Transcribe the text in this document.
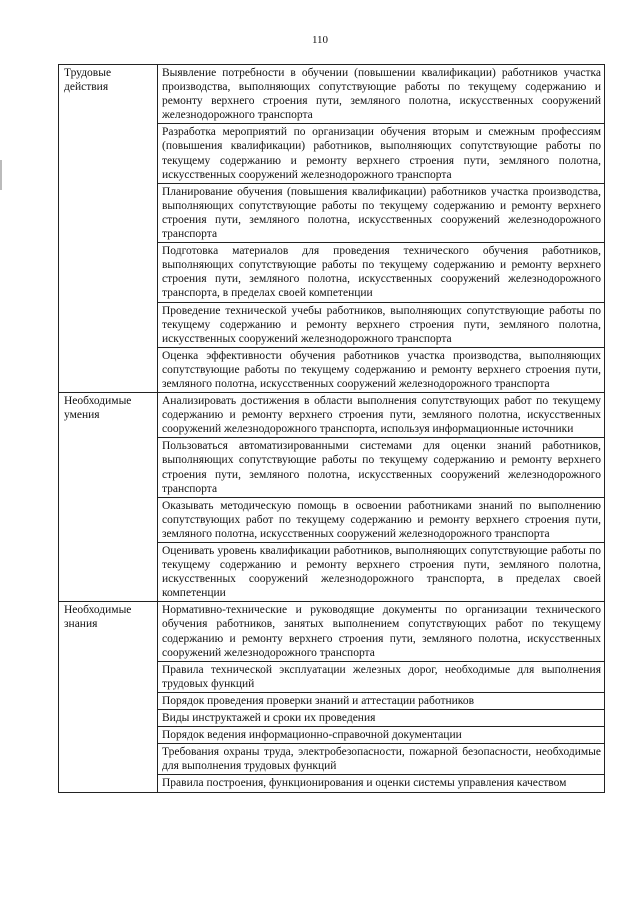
110
Трудовые действия	Выявление потребности в обучении (повышении квалификации) работников участка производства, выполняющих сопутствующие работы по текущему содержанию и ремонту верхнего строения пути, земляного полотна, искусственных сооружений железнодорожного транспорта
	Разработка мероприятий по организации обучения вторым и смежным профессиям (повышения квалификации) работников, выполняющих сопутствующие работы по текущему содержанию и ремонту верхнего строения пути, земляного полотна, искусственных сооружений железнодорожного транспорта
	Планирование обучения (повышения квалификации) работников участка производства, выполняющих сопутствующие работы по текущему содержанию и ремонту верхнего строения пути, земляного полотна, искусственных сооружений железнодорожного транспорта
	Подготовка материалов для проведения технического обучения работников, выполняющих сопутствующие работы по текущему содержанию и ремонту верхнего строения пути, земляного полотна, искусственных сооружений железнодорожного транспорта, в пределах своей компетенции
	Проведение технической учебы работников, выполняющих сопутствующие работы по текущему содержанию и ремонту верхнего строения пути, земляного полотна, искусственных сооружений железнодорожного транспорта
	Оценка эффективности обучения работников участка производства, выполняющих сопутствующие работы по текущему содержанию и ремонту верхнего строения пути, земляного полотна, искусственных сооружений железнодорожного транспорта
Необходимые умения	Анализировать достижения в области выполнения сопутствующих работ по текущему содержанию и ремонту верхнего строения пути, земляного полотна, искусственных сооружений железнодорожного транспорта, используя информационные источники
	Пользоваться автоматизированными системами для оценки знаний работников, выполняющих сопутствующие работы по текущему содержанию и ремонту верхнего строения пути, земляного полотна, искусственных сооружений железнодорожного транспорта
	Оказывать методическую помощь в освоении работниками знаний по выполнению сопутствующих работ по текущему содержанию и ремонту верхнего строения пути, земляного полотна, искусственных сооружений железнодорожного транспорта
	Оценивать уровень квалификации работников, выполняющих сопутствующие работы по текущему содержанию и ремонту верхнего строения пути, земляного полотна, искусственных сооружений железнодорожного транспорта, в пределах своей компетенции
Необходимые знания	Нормативно-технические и руководящие документы по организации технического обучения работников, занятых выполнением сопутствующих работ по текущему содержанию и ремонту верхнего строения пути, земляного полотна, искусственных сооружений железнодорожного транспорта
	Правила технической эксплуатации железных дорог, необходимые для выполнения трудовых функций
	Порядок проведения проверки знаний и аттестации работников
	Виды инструктажей и сроки их проведения
	Порядок ведения информационно-справочной документации
	Требования охраны труда, электробезопасности, пожарной безопасности, необходимые для выполнения трудовых функций
	Правила построения, функционирования и оценки системы управления качеством
